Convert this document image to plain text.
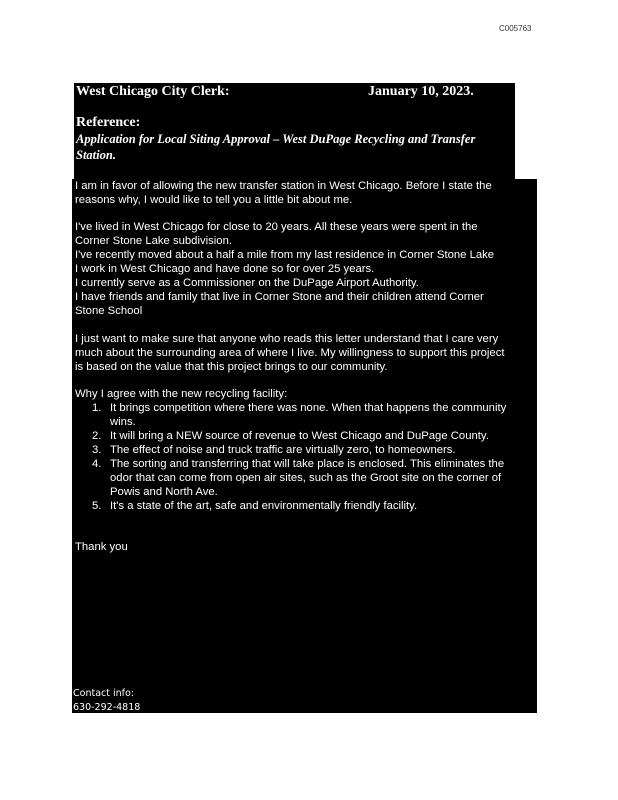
C005763
West Chicago City Clerk:	January 10, 2023.
Reference:
Application for Local Siting Approval – West DuPage Recycling and Transfer
Station.

I am in favor of allowing the new transfer station in West Chicago. Before I state the
reasons why, I would like to tell you a little bit about me.

I've lived in West Chicago for close to 20 years. All these years were spent in the
Corner Stone Lake subdivision.
I've recently moved about a half a mile from my last residence in Corner Stone Lake
I work in West Chicago and have done so for over 25 years.
I currently serve as a Commissioner on the DuPage Airport Authority.
I have friends and family that live in Corner Stone and their children attend Corner
Stone School

I just want to make sure that anyone who reads this letter understand that I care very
much about the surrounding area of where I live. My willingness to support this project
is based on the value that this project brings to our community.

Why I agree with the new recycling facility:

1. It brings competition where there was none. When that happens the community
wins.
2. It will bring a NEW source of revenue to West Chicago and DuPage County.
3. The effect of noise and truck traffic are virtually zero, to homeowners.
4. The sorting and transferring that will take place is enclosed. This eliminates the
odor that can come from open air sites, such as the Groot site on the corner of
Powis and North Ave.
5. It's a state of the art, safe and environmentally friendly facility.

Thank you

Contact info:
630-292-4818
